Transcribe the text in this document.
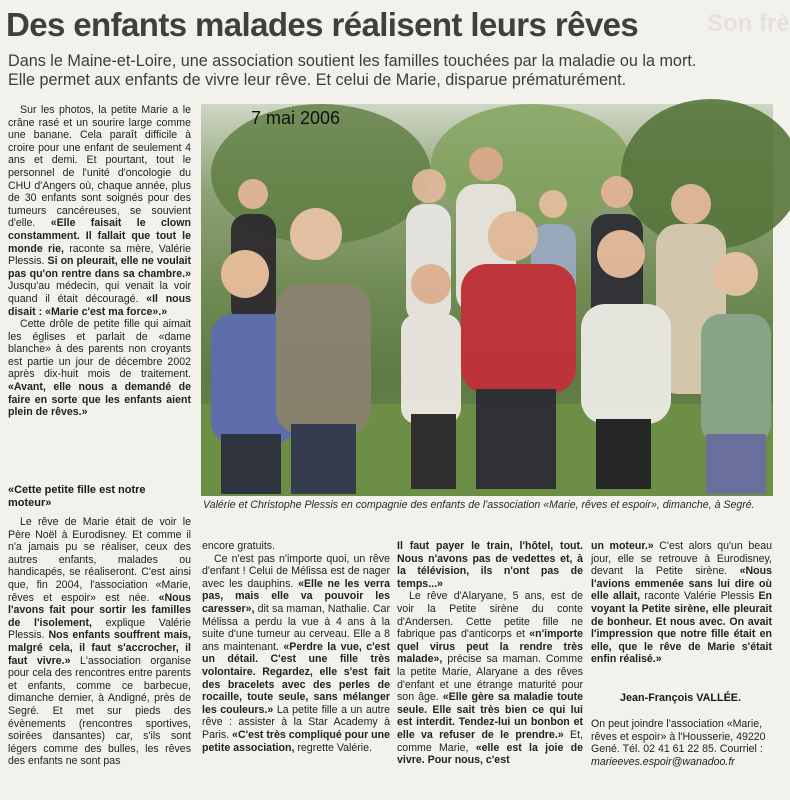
Des enfants malades réalisent leurs rêves	Son frè

Dans le Maine-et-Loire, une association soutient les familles touchées par la maladie ou la mort.

Elle permet aux enfants de vivre leur rêve. Et celui de Marie, disparue prématurément.

Sur les photos, la petite Marie a le crâne rasé et un sourire large comme une banane. Cela paraît difficile à croire pour une enfant de seulement 4 ans et demi. Et pourtant, tout le personnel de l'unité d'oncologie du CHU d'Angers où, chaque année, plus de 30 enfants sont soignés pour des tumeurs cancéreuses, se souvient d'elle. «Elle faisait le clown constamment. Il fallait que tout le monde rie, raconte sa mère, Valérie Plessis. Si on pleurait, elle ne voulait pas qu'on rentre dans sa chambre.» Jusqu'au médecin, qui venait la voir quand il était découragé. «Il nous disait : «Marie c'est ma force».»

Cette drôle de petite fille qui aimait les églises et parlait de «dame blanche» à des parents non croyants est partie un jour de décembre 2002 après dix-huit mois de traitement. «Avant, elle nous a demandé de faire en sorte que les enfants aient plein de rêves.»

7 mai 2006
Valérie et Christophe Plessis en compagnie des enfants de l'association «Marie, rêves et espoir», dimanche, à Segré.
«Cette petite fille est notre moteur»

Le rêve de Marie était de voir le Père Noël à Eurodisney. Et comme il n'a jamais pu se réaliser, ceux des autres enfants, malades ou handicapés, se réaliseront. C'est ainsi que, fin 2004, l'association «Marie, rêves et espoir» est née. «Nous l'avons fait pour sortir les familles de l'isolement, explique Valérie Plessis. Nos enfants souffrent mais, malgré cela, il faut s'accrocher, il faut vivre.» L'association organise pour cela des rencontres entre parents et enfants, comme ce barbecue, dimanche dernier, à Andigné, près de Segré. Et met sur pieds des évènements (rencontres sportives, soirées dansantes) car, s'ils sont légers comme des bulles, les rêves des enfants ne sont pas

encore gratuits.

Ce n'est pas n'importe quoi, un rêve d'enfant ! Celui de Mélissa est de nager avec les dauphins. «Elle ne les verra pas, mais elle va pouvoir les caresser», dit sa maman, Nathalie. Car Mélissa a perdu la vue à 4 ans à la suite d'une tumeur au cerveau. Elle a 8 ans maintenant. «Perdre la vue, c'est un détail. C'est une fille très volontaire. Regardez, elle s'est fait des bracelets avec des perles de rocaille, toute seule, sans mélanger les couleurs.» La petite fille a un autre rêve : assister à la Star Academy à Paris. «C'est très compliqué pour une petite association, regrette Valérie.

Il faut payer le train, l'hôtel, tout. Nous n'avons pas de vedettes et, à la télévision, ils n'ont pas de temps...»

Le rêve d'Alaryane, 5 ans, est de voir la Petite sirène du conte d'Andersen. Cette petite fille ne fabrique pas d'anticorps et «n'importe quel virus peut la rendre très malade», précise sa maman. Comme la petite Marie, Alaryane a des rêves d'enfant et une étrange maturité pour son âge. «Elle gère sa maladie toute seule. Elle sait très bien ce qui lui est interdit. Tendez-lui un bonbon et elle va refuser de le prendre.» Et, comme Marie, «elle est la joie de vivre. Pour nous, c'est

un moteur.» C'est alors qu'un beau jour, elle se retrouve à Eurodisney, devant la Petite sirène. «Nous l'avions emmenée sans lui dire où elle allait, raconte Valérie Plessis En voyant la Petite sirène, elle pleurait de bonheur. Et nous avec. On avait l'impression que notre fille était en elle, que le rêve de Marie s'était enfin réalisé.»

Jean-François VALLÉE.
On peut joindre l'association «Marie, rêves et espoir» à l'Housserie, 49220 Gené. Tél. 02 41 61 22 85. Courriel : marieeves.espoir@wanadoo.fr
